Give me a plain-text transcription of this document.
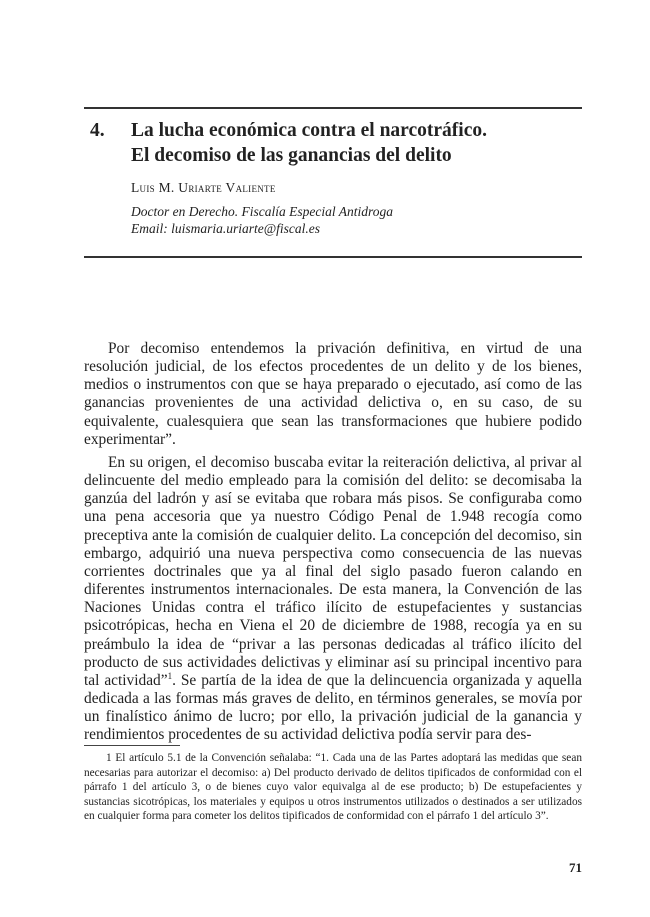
4. La lucha económica contra el narcotráfico.
El decomiso de las ganancias del delito
Luis M. Uriarte Valiente
Doctor en Derecho. Fiscalía Especial Antidroga
Email: luismaria.uriarte@fiscal.es

Por decomiso entendemos la privación definitiva, en virtud de una resolución judicial, de los efectos procedentes de un delito y de los bienes, medios o instrumentos con que se haya preparado o ejecutado, así como de las ganancias provenientes de una actividad delictiva o, en su caso, de su equivalente, cualesquiera que sean las transformaciones que hubiere podido experimentar”.

En su origen, el decomiso buscaba evitar la reiteración delictiva, al privar al delincuente del medio empleado para la comisión del delito: se decomisaba la ganzúa del ladrón y así se evitaba que robara más pisos. Se configuraba como una pena accesoria que ya nuestro Código Penal de 1.948 recogía como preceptiva ante la comisión de cualquier delito. La concepción del decomiso, sin embargo, adquirió una nueva perspectiva como consecuencia de las nuevas corrientes doctrinales que ya al final del siglo pasado fueron calando en diferentes instrumentos internacionales. De esta manera, la Convención de las Naciones Unidas contra el tráfico ilícito de estupefacientes y sustancias psicotrópicas, hecha en Viena el 20 de diciembre de 1988, recogía ya en su preámbulo la idea de “privar a las personas dedicadas al tráfico ilícito del producto de sus actividades delictivas y eliminar así su principal incentivo para tal actividad”$^1$. Se partía de la idea de que la delincuencia organizada y aquella dedicada a las formas más graves de delito, en términos generales, se movía por un finalístico ánimo de lucro; por ello, la privación judicial de la ganancia y rendimientos procedentes de su actividad delictiva podía servir para des-

1 El artículo 5.1 de la Convención señalaba: “1. Cada una de las Partes adoptará las medidas que sean necesarias para autorizar el decomiso: a) Del producto derivado de delitos tipificados de conformidad con el párrafo 1 del artículo 3, o de bienes cuyo valor equivalga al de ese producto; b) De estupefacientes y sustancias sicotrópicas, los materiales y equipos u otros instrumentos utilizados o destinados a ser utilizados en cualquier forma para cometer los delitos tipificados de conformidad con el párrafo 1 del artículo 3”.

71
